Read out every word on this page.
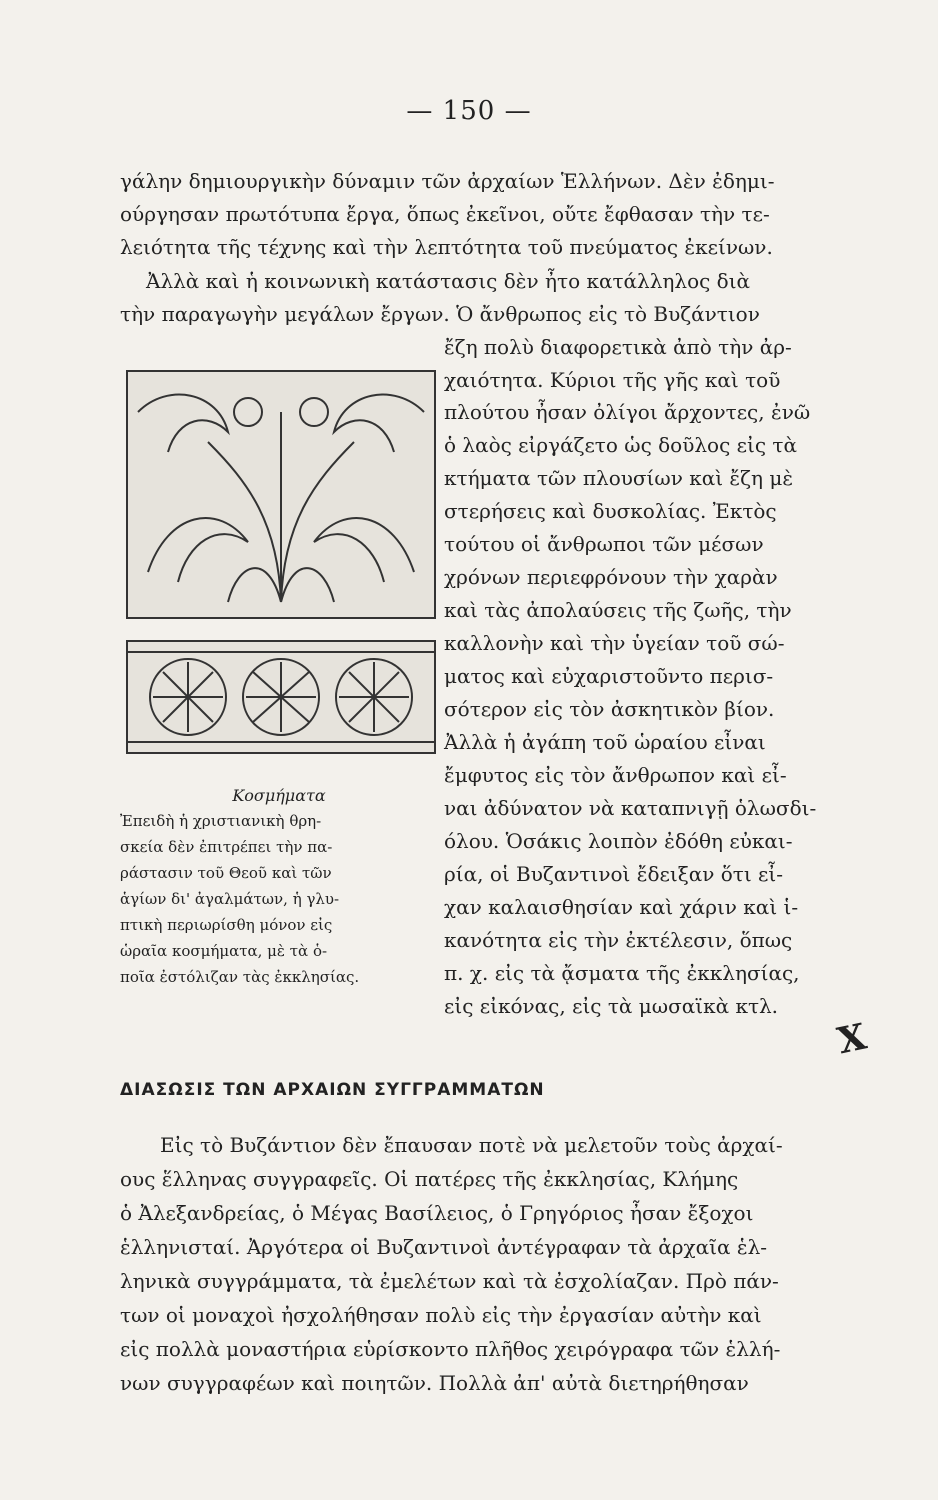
— 150 —
γάλην δημιουργικὴν δύναμιν τῶν ἀρχαίων Ἑλλήνων. Δὲν ἐδημι-
ούργησαν πρωτότυπα ἔργα, ὅπως ἐκεῖνοι, οὔτε ἔφθασαν τὴν τε-
λειότητα τῆς τέχνης καὶ τὴν λεπτότητα τοῦ πνεύματος ἐκείνων.
Ἀλλὰ καὶ ἡ κοινωνικὴ κατάστασις δὲν ἦτο κατάλληλος διὰ
τὴν παραγωγὴν μεγάλων ἔργων. Ὁ ἄνθρωπος εἰς τὸ Βυζάντιον
ἔζη πολὺ διαφορετικὰ ἀπὸ τὴν ἀρ-
χαιότητα. Κύριοι τῆς γῆς καὶ τοῦ
πλούτου ἦσαν ὀλίγοι ἄρχοντες, ἐνῶ
ὁ λαὸς εἰργάζετο ὡς δοῦλος εἰς τὰ
κτήματα τῶν πλουσίων καὶ ἔζη μὲ
στερήσεις καὶ δυσκολίας. Ἐκτὸς
τούτου οἱ ἄνθρωποι τῶν μέσων
χρόνων περιεφρόνουν τὴν χαρὰν
καὶ τὰς ἀπολαύσεις τῆς ζωῆς, τὴν
καλλονὴν καὶ τὴν ὑγείαν τοῦ σώ-
ματος καὶ εὐχαριστοῦντο περισ-
σότερον εἰς τὸν ἀσκητικὸν βίον.
Ἀλλὰ ἡ ἀγάπη τοῦ ὡραίου εἶναι
ἔμφυτος εἰς τὸν ἄνθρωπον καὶ εἶ-
ναι ἀδύνατον νὰ καταπνιγῇ ὁλωσδι-
όλου. Ὁσάκις λοιπὸν ἐδόθη εὐκαι-
ρία, οἱ Βυζαντινοὶ ἔδειξαν ὅτι εἶ-
χαν καλαισθησίαν καὶ χάριν καὶ ἱ-
κανότητα εἰς τὴν ἐκτέλεσιν, ὅπως
π. χ. εἰς τὰ ᾄσματα τῆς ἐκκλησίας,
εἰς εἰκόνας, εἰς τὰ μωσαϊκὰ κτλ.
Κοσμήματα
Ἐπειδὴ ἡ χριστιανικὴ θρη-
σκεία δὲν ἐπιτρέπει τὴν πα-
ράστασιν τοῦ Θεοῦ καὶ τῶν
ἁγίων δι' ἀγαλμάτων, ἡ γλυ-
πτικὴ περιωρίσθη μόνον εἰς
ὡραῖα κοσμήματα, μὲ τὰ ὁ-
ποῖα ἐστόλιζαν τὰς ἐκκλησίας.
X
ΔΙΑΣΩΣΙΣ ΤΩΝ ΑΡΧΑΙΩΝ ΣΥΓΓΡΑΜΜΑΤΩΝ
Εἰς τὸ Βυζάντιον δὲν ἔπαυσαν ποτὲ νὰ μελετοῦν τοὺς ἀρχαί-
ους ἕλληνας συγγραφεῖς. Οἱ πατέρες τῆς ἐκκλησίας, Κλήμης
ὁ Ἀλεξανδρείας, ὁ Μέγας Βασίλειος, ὁ Γρηγόριος ἦσαν ἔξοχοι
ἑλληνισταί. Ἀργότερα οἱ Βυζαντινοὶ ἀντέγραφαν τὰ ἀρχαῖα ἑλ-
ληνικὰ συγγράμματα, τὰ ἐμελέτων καὶ τὰ ἐσχολίαζαν. Πρὸ πάν-
των οἱ μοναχοὶ ἠσχολήθησαν πολὺ εἰς τὴν ἐργασίαν αὐτὴν καὶ
εἰς πολλὰ μοναστήρια εὑρίσκοντο πλῆθος χειρόγραφα τῶν ἑλλή-
νων συγγραφέων καὶ ποιητῶν. Πολλὰ ἀπ' αὐτὰ διετηρήθησαν
